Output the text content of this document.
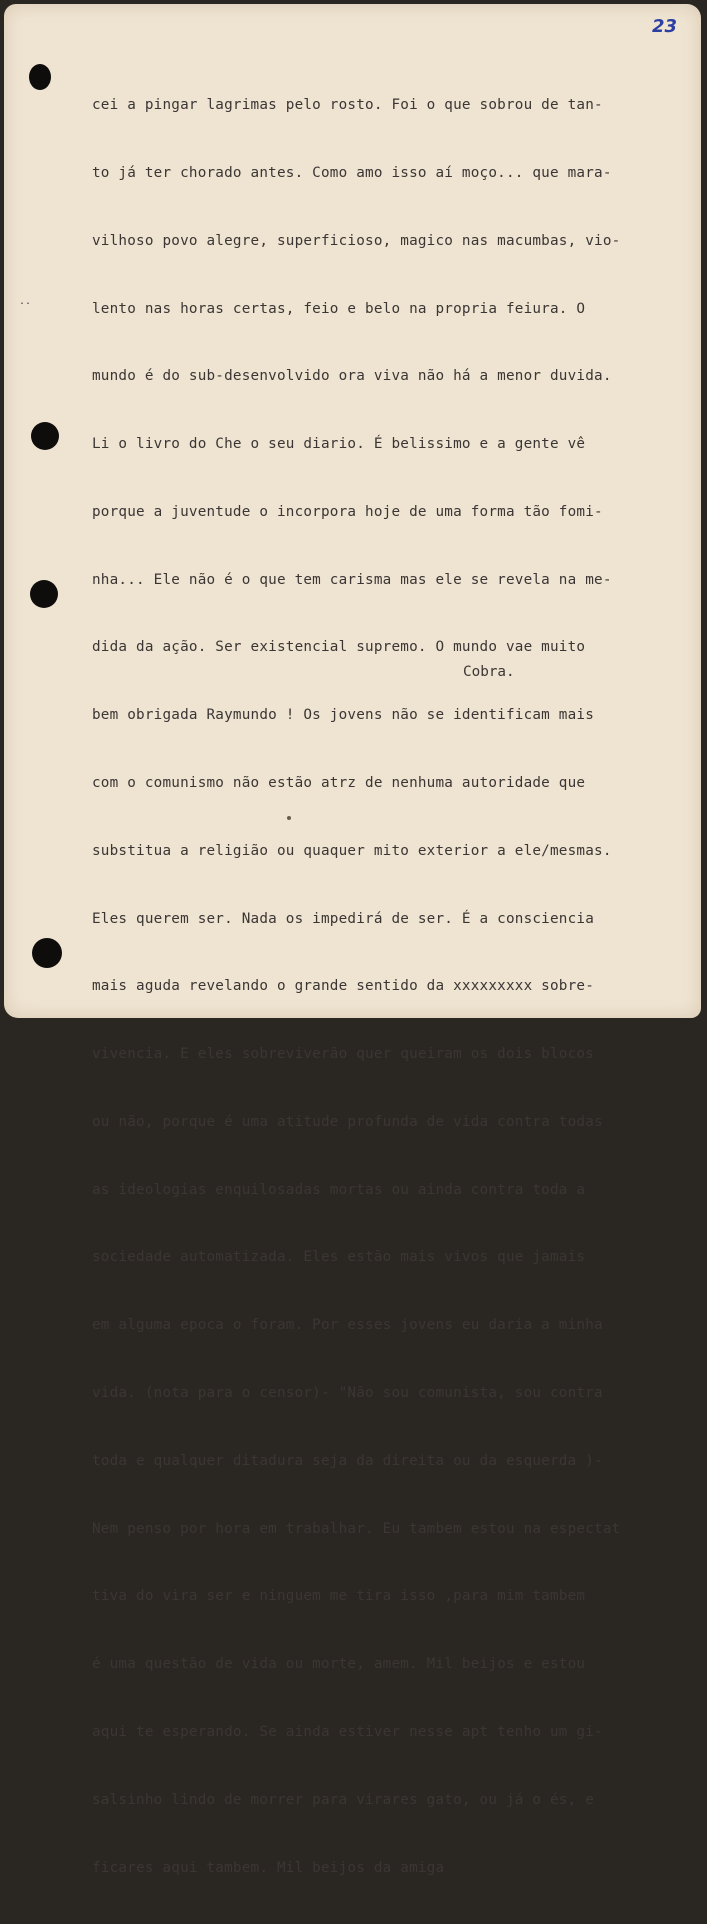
23
..

cei a pingar lagrimas pelo rosto. Foi o que sobrou de tan-

to já ter chorado antes. Como amo isso aí moço... que mara-

vilhoso povo alegre, superficioso, magico nas macumbas, vio-

lento nas horas certas, feio e belo na propria feiura. O

mundo é do sub-desenvolvido ora viva não há a menor duvida.

Li o livro do Che o seu diario. É belissimo e a gente vê

porque a juventude o incorpora hoje de uma forma tão fomi-

nha... Ele não é o que tem carisma mas ele se revela na me-

dida da ação. Ser existencial supremo. O mundo vae muito

bem obrigada Raymundo ! Os jovens não se identificam mais

com o comunismo não estão atrz de nenhuma autoridade que

substitua a religião ou quaquer mito exterior a ele/mesmas.

Eles querem ser. Nada os impedirá de ser. É a consciencia

mais aguda revelando o grande sentido da xxxxxxxxx sobre-

vivencia. E eles sobreviverão quer queiram os dois blocos

ou não, porque é uma atitude profunda de vida contra todas

as ideologias enquilosadas mortas ou ainda contra toda a

sociedade automatizada. Eles estão mais vivos que jamais

em alguma epoca o foram. Por esses jovens eu daria a minha

vida. (nota para o censor)- "Não sou comunista, sou contra

toda e qualquer ditadura seja da direita ou da esquerda )-

Nem penso por hora em trabalhar. Eu tambem estou na espectat

tiva do vira ser e ninguem me tira isso ,para mim tambem

é uma questão de vida ou morte, amem. Mil beijos e estou

aqui te esperando. Se ainda estiver nesse apt tenho um gi-

salsinho lindo de morrer para virares gato, ou já o és, e

ficares aqui tambem. Mil beijos da amiga

Cobra.
